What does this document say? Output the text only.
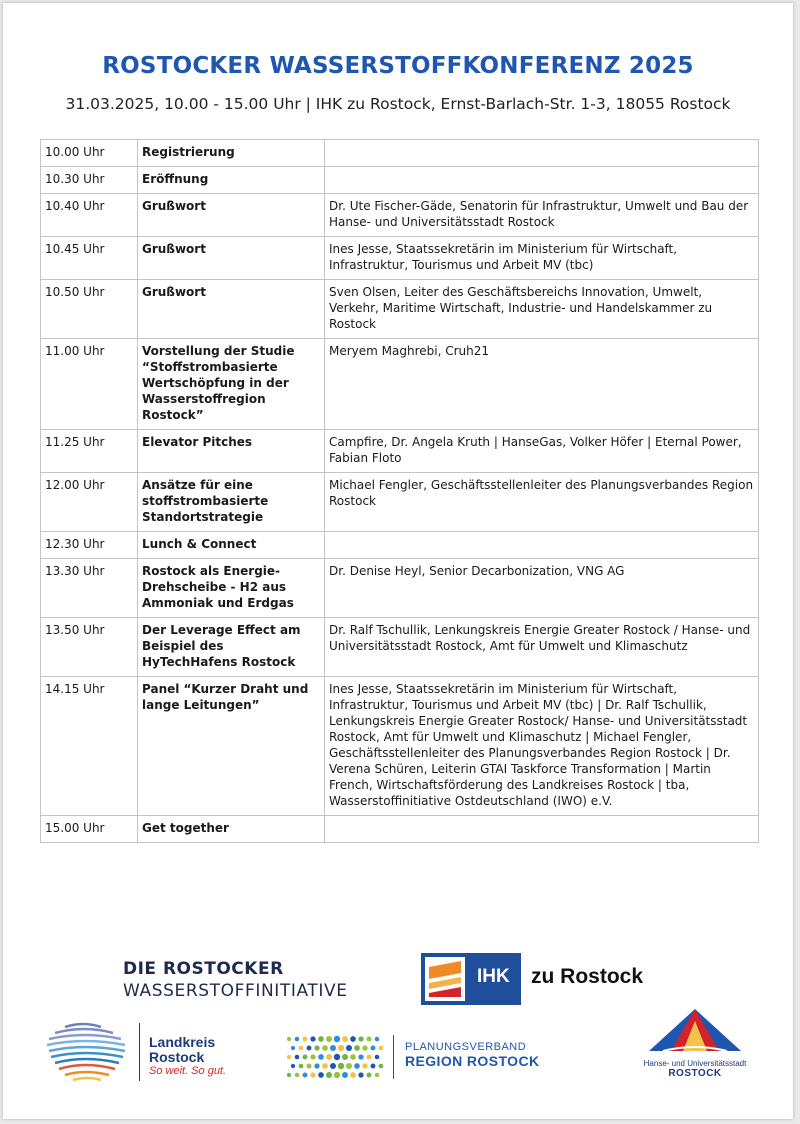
ROSTOCKER WASSERSTOFFKONFERENZ 2025
31.03.2025, 10.00 - 15.00 Uhr | IHK zu Rostock, Ernst-Barlach-Str. 1-3, 18055 Rostock
10.00 Uhr	Registrierung	
10.30 Uhr	Eröffnung	
10.40 Uhr	Grußwort	Dr. Ute Fischer-Gäde, Senatorin für Infrastruktur, Umwelt und Bau der Hanse- und Universitätsstadt Rostock
10.45 Uhr	Grußwort	Ines Jesse, Staatssekretärin im Ministerium für Wirtschaft, Infrastruktur, Tourismus und Arbeit MV (tbc)
10.50 Uhr	Grußwort	Sven Olsen, Leiter des Geschäftsbereichs Innovation, Umwelt, Verkehr, Maritime Wirtschaft, Industrie- und Handelskammer zu Rostock
11.00 Uhr	Vorstellung der Studie “Stoffstrombasierte Wertschöpfung in der Wasserstoffregion Rostock”	Meryem Maghrebi, Cruh21
11.25 Uhr	Elevator Pitches	Campfire, Dr. Angela Kruth | HanseGas, Volker Höfer | Eternal Power, Fabian Floto
12.00 Uhr	Ansätze für eine stoffstrombasierte Standortstrategie	Michael Fengler, Geschäftsstellenleiter des Planungsverbandes Region Rostock
12.30 Uhr	Lunch & Connect	
13.30 Uhr	Rostock als Energie-Drehscheibe - H2 aus Ammoniak und Erdgas	Dr. Denise Heyl, Senior Decarbonization, VNG AG
13.50 Uhr	Der Leverage Effect am Beispiel des HyTechHafens Rostock	Dr. Ralf Tschullik, Lenkungskreis Energie Greater Rostock / Hanse- und Universitätsstadt Rostock, Amt für Umwelt und Klimaschutz
14.15 Uhr	Panel “Kurzer Draht und lange Leitungen”	Ines Jesse, Staatssekretärin im Ministerium für Wirtschaft, Infrastruktur, Tourismus und Arbeit MV (tbc) | Dr. Ralf Tschullik, Lenkungskreis Energie Greater Rostock/ Hanse- und Universitätsstadt Rostock, Amt für Umwelt und Klimaschutz | Michael Fengler, Geschäftsstellenleiter des Planungsverbandes Region Rostock | Dr. Verena Schüren, Leiterin GTAI Taskforce Transformation | Martin French, Wirtschaftsförderung des Landkreises Rostock | tba, Wasserstoffinitiative Ostdeutschland (IWO) e.V.
15.00 Uhr	Get together	
DIE ROSTOCKER
WASSERSTOFFINITIATIVE
IHK zu Rostock
Landkreis
Rostock
So weit. So gut.
PLANUNGSVERBAND
REGION ROSTOCK	Hanse- und Universitätsstadt
ROSTOCK
